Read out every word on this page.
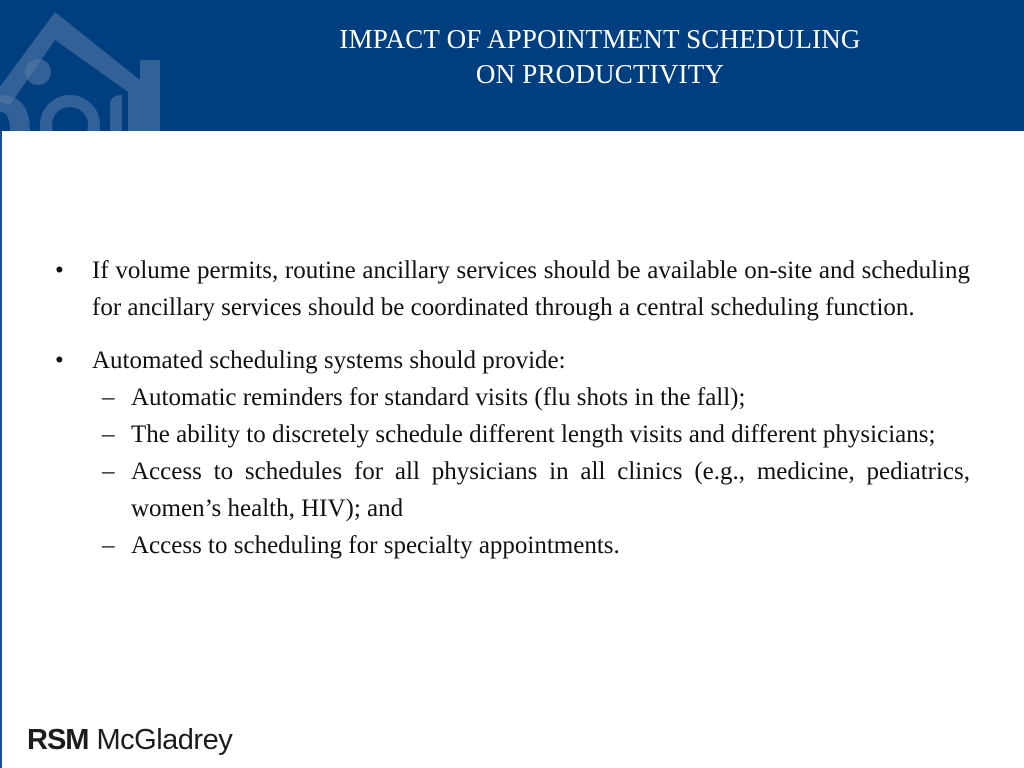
IMPACT OF APPOINTMENT SCHEDULING
ON PRODUCTIVITY
• If volume permits, routine ancillary services should be available on-site and scheduling for ancillary services should be coordinated through a central scheduling function.
• Automated scheduling systems should provide:
– Automatic reminders for standard visits (flu shots in the fall);
– The ability to discretely schedule different length visits and different physicians;
– Access to schedules for all physicians in all clinics (e.g., medicine, pediatrics, women’s health, HIV); and
– Access to scheduling for specialty appointments.
RSM McGladrey
